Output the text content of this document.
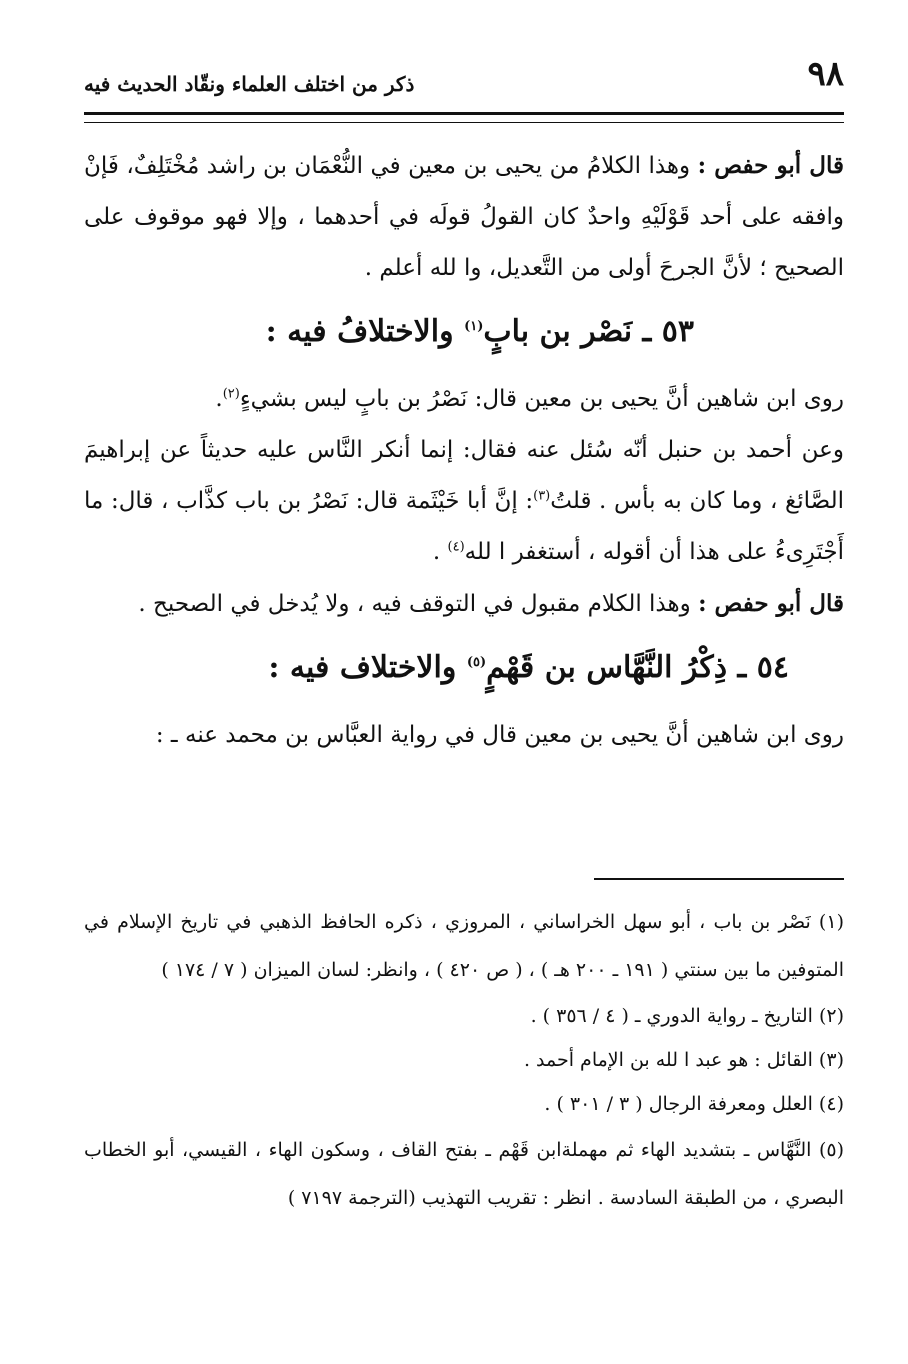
٩٨
ذكر من اختلف العلماء ونقّاد الحديث فيه

قال أبو حفص : وهذا الكلامُ من يحيى بن معين في النُّعْمَان بن راشد مُخْتَلِفٌ، فَإنْ وافقه على أحد قَوْلَيْهِ واحدٌ كان القولُ قولَه في أحدهما ، وإلا فهو موقوف على الصحيح ؛ لأنَّ الجرحَ أولى من التَّعديل، وا لله أعلم .

٥٣ ـ نَصْر بن بابٍ$^{(١)}$ والاختلافُ فيه :

روى ابن شاهين أنَّ يحيى بن معين قال: نَصْرُ بن بابٍ ليس بشيءٍ$^{(٢)}$.

وعن أحمد بن حنبل أنّه سُئل عنه فقال: إنما أنكر النَّاس عليه حديثاً عن إبراهيمَ الصَّائغ ، وما كان به بأس . قلتُ$^{(٣)}$: إنَّ أبا خَيْثَمة قال: نَصْرُ بن باب كذَّاب ، قال: ما أَجْتَرِىءُ على هذا أن أقوله ، أستغفر ا لله$^{(٤)}$ .

قال أبو حفص : وهذا الكلام مقبول في التوقف فيه ، ولا يُدخل في الصحيح .

٥٤ ـ ذِكْرُ النَّهَّاس بن قَهْمٍ$^{(٥)}$ والاختلاف فيه :

روى ابن شاهين أنَّ يحيى بن معين قال في رواية العبَّاس بن محمد عنه ـ :

(١) نَصْر بن باب ، أبو سهل الخراساني ، المروزي ، ذكره الحافظ الذهبي في تاريخ الإسلام في المتوفين ما بين سنتي ( ١٩١ ـ ٢٠٠ هـ ) ، ( ص ٤٢٠ ) ، وانظر: لسان الميزان ( ٧ / ١٧٤ )

(٢) التاريخ ـ رواية الدوري ـ ( ٤ / ٣٥٦ ) .

(٣) القائل : هو عبد ا لله بن الإمام أحمد .

(٤) العلل ومعرفة الرجال ( ٣ / ٣٠١ ) .

(٥) النَّهَّاس ـ بتشديد الهاء ثم مهملةابن قَهْم ـ بفتح القاف ، وسكون الهاء ، القيسي، أبو الخطاب البصري ، من الطبقة السادسة . انظر : تقريب التهذيب (الترجمة ٧١٩٧ )
